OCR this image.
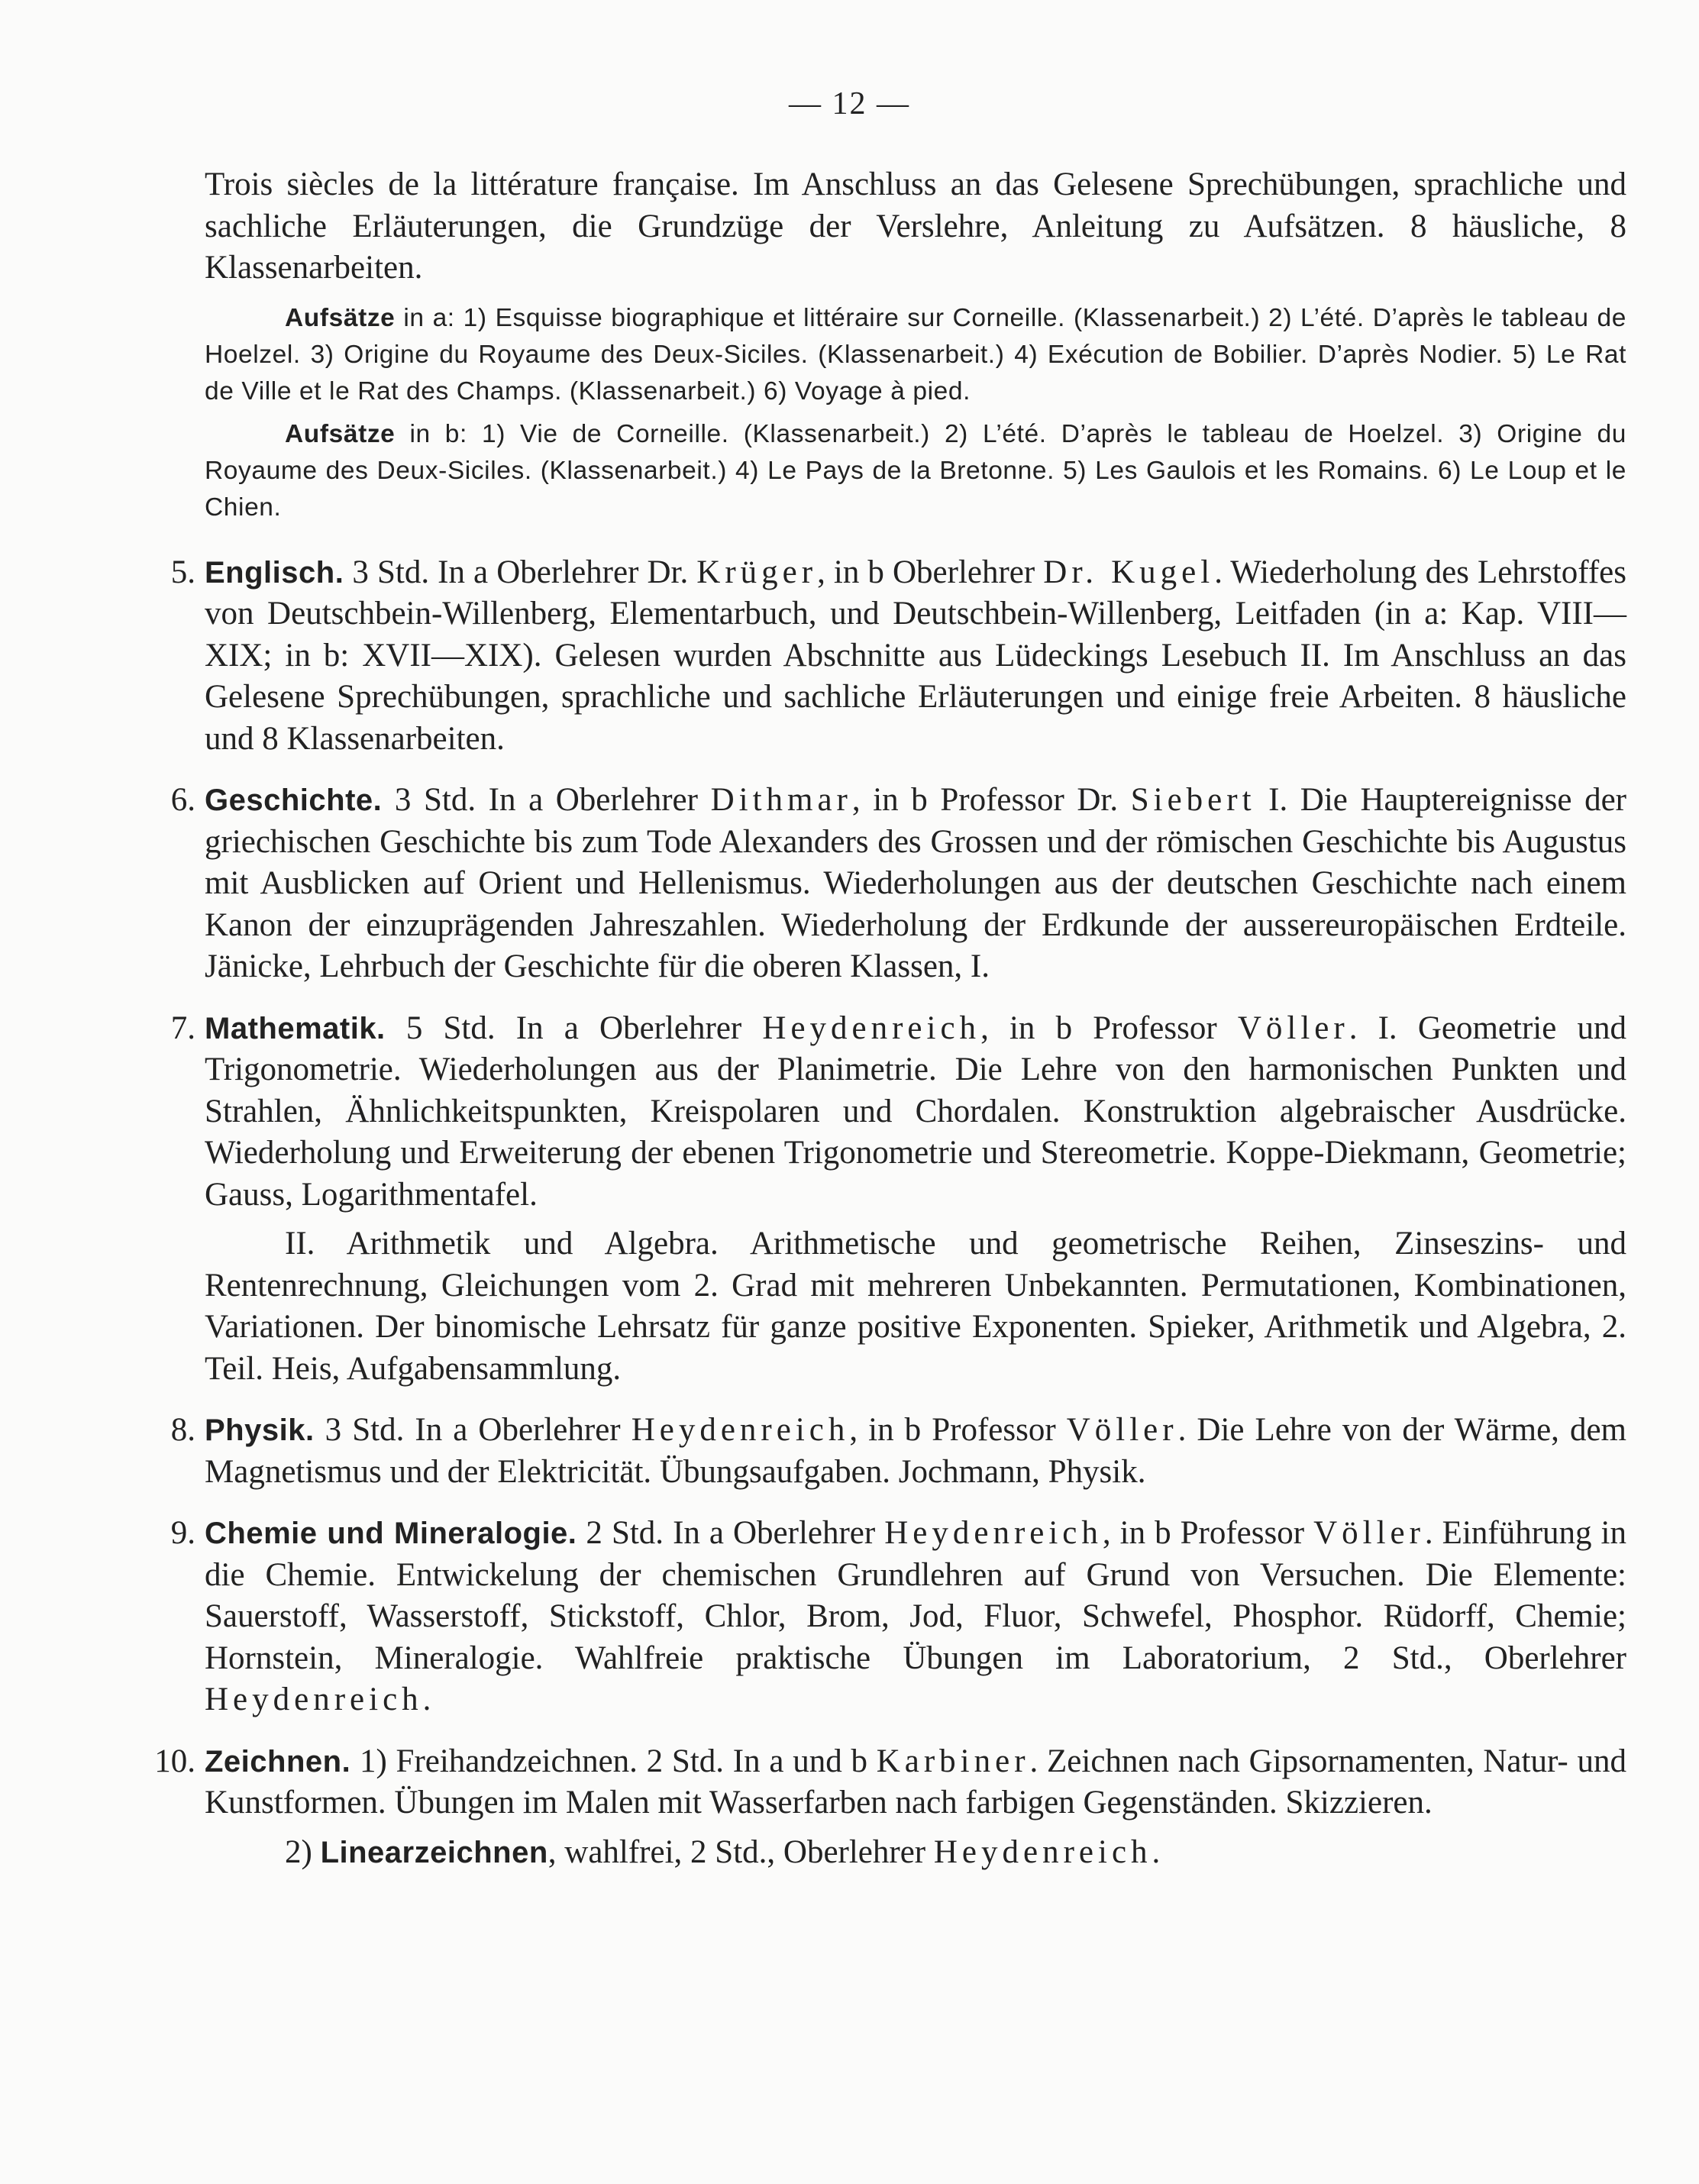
— 12 —

Trois siècles de la littérature française. Im Anschluss an das Gelesene Sprechübungen, sprachliche und sachliche Erläuterungen, die Grundzüge der Verslehre, Anleitung zu Aufsätzen. 8 häusliche, 8 Klassenarbeiten.

Aufsätze in a: 1) Esquisse biographique et littéraire sur Corneille. (Klassenarbeit.) 2) L’été. D’après le tableau de Hoelzel. 3) Origine du Royaume des Deux-Siciles. (Klassenarbeit.) 4) Exécution de Bobilier. D’après Nodier. 5) Le Rat de Ville et le Rat des Champs. (Klassenarbeit.) 6) Voyage à pied.

Aufsätze in b: 1) Vie de Corneille. (Klassenarbeit.) 2) L’été. D’après le tableau de Hoelzel. 3) Origine du Royaume des Deux-Siciles. (Klassenarbeit.) 4) Le Pays de la Bretonne. 5) Les Gaulois et les Romains. 6) Le Loup et le Chien.

5. Englisch. 3 Std. In a Oberlehrer Dr. Krüger, in b Oberlehrer Dr. Kugel. Wiederholung des Lehrstoffes von Deutschbein-Willenberg, Elementarbuch, und Deutschbein-Willenberg, Leitfaden (in a: Kap. VIII—XIX; in b: XVII—XIX). Gelesen wurden Abschnitte aus Lüdeckings Lesebuch II. Im Anschluss an das Gelesene Sprechübungen, sprachliche und sachliche Erläuterungen und einige freie Arbeiten. 8 häusliche und 8 Klassenarbeiten.

6. Geschichte. 3 Std. In a Oberlehrer Dithmar, in b Professor Dr. Siebert I. Die Hauptereignisse der griechischen Geschichte bis zum Tode Alexanders des Grossen und der römischen Geschichte bis Augustus mit Ausblicken auf Orient und Hellenismus. Wiederholungen aus der deutschen Geschichte nach einem Kanon der einzuprägenden Jahreszahlen. Wiederholung der Erdkunde der aussereuropäischen Erdteile. Jänicke, Lehrbuch der Geschichte für die oberen Klassen, I.

7. Mathematik. 5 Std. In a Oberlehrer Heydenreich, in b Professor Völler. I. Geometrie und Trigonometrie. Wiederholungen aus der Planimetrie. Die Lehre von den harmonischen Punkten und Strahlen, Ähnlichkeitspunkten, Kreispolaren und Chordalen. Konstruktion algebraischer Ausdrücke. Wiederholung und Erweiterung der ebenen Trigonometrie und Stereometrie. Koppe-Diekmann, Geometrie; Gauss, Logarithmentafel.

II. Arithmetik und Algebra. Arithmetische und geometrische Reihen, Zinseszins- und Rentenrechnung, Gleichungen vom 2. Grad mit mehreren Unbekannten. Permutationen, Kombinationen, Variationen. Der binomische Lehrsatz für ganze positive Exponenten. Spieker, Arithmetik und Algebra, 2. Teil. Heis, Aufgabensammlung.

8. Physik. 3 Std. In a Oberlehrer Heydenreich, in b Professor Völler. Die Lehre von der Wärme, dem Magnetismus und der Elektricität. Übungsaufgaben. Jochmann, Physik.

9. Chemie und Mineralogie. 2 Std. In a Oberlehrer Heydenreich, in b Professor Völler. Einführung in die Chemie. Entwickelung der chemischen Grundlehren auf Grund von Versuchen. Die Elemente: Sauerstoff, Wasserstoff, Stickstoff, Chlor, Brom, Jod, Fluor, Schwefel, Phosphor. Rüdorff, Chemie; Hornstein, Mineralogie. Wahlfreie praktische Übungen im Laboratorium, 2 Std., Oberlehrer Heydenreich.

10. Zeichnen. 1) Freihandzeichnen. 2 Std. In a und b Karbiner. Zeichnen nach Gipsornamenten, Natur- und Kunstformen. Übungen im Malen mit Wasserfarben nach farbigen Gegenständen. Skizzieren.

2) Linearzeichnen, wahlfrei, 2 Std., Oberlehrer Heydenreich.
